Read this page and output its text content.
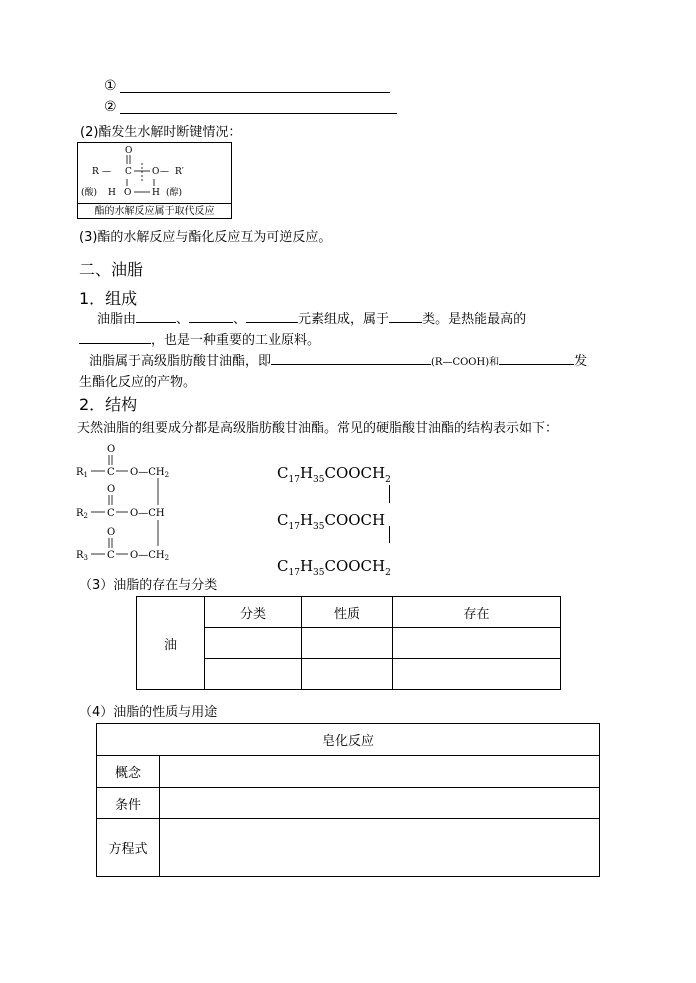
①
②
(2)酯发生水解时断键情况：
O
R — C O — R′
(酸) H O H (醇)
酯的水解反应属于取代反应
(3)酯的水解反应与酯化反应互为可逆反应。
二、油脂
1．组成
油脂由	、	、	元素组成，属于	类。是热能最高的
，也是一种重要的工业原料。
油脂属于高级脂肪酸甘油酯，即	(R—COOH)和	发
生酯化反应的产物。
2．结构
天然油脂的组要成分都是高级脂肪酸甘油酯。常见的硬脂酸甘油酯的结构表示如下：
O
$R_1$ C $O—CH_2$
O
$R_2$ C O—CH
O
$R_3$ C $O—CH_2$
$C_{17}H_{35}COOCH_2$
$C_{17}H_{35}COOCH$
$C_{17}H_{35}COOCH_2$
（3）油脂的存在与分类
油	分类	性质	存在

（4）油脂的性质与用途
皂化反应	
概念	
条件	
方程式	
